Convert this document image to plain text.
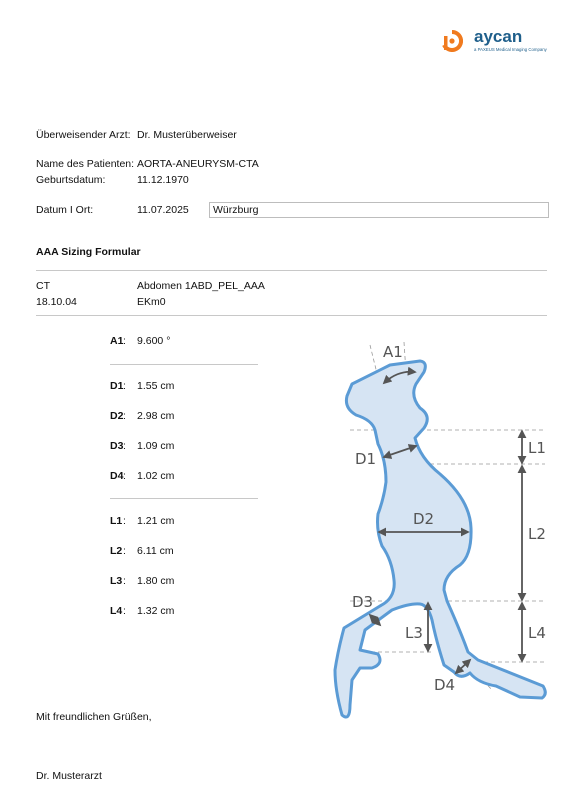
aycan
a PAXEUS Medical Imaging Company
Überweisender Arzt: Dr. Musterüberweiser
Name des Patienten: AORTA-ANEURYSM-CTA
Geburtsdatum:	11.12.1970
Datum I Ort:	11.07.2025	Würzburg
AAA Sizing Formular
CT	Abdomen 1ABD_PEL_AAA
18.10.04	EKm0
A1 : 9.600 °
D1 : 1.55 cm
D2 : 2.98 cm
D3 : 1.09 cm
D4 : 1.02 cm
L1 : 1.21 cm
L2 : 6.11 cm
L3 : 1.80 cm
L4 : 1.32 cm
A1
D1
D2
D3
D4
L1
L2
L3	L4
Mit freundlichen Grüßen,
Dr. Musterarzt
